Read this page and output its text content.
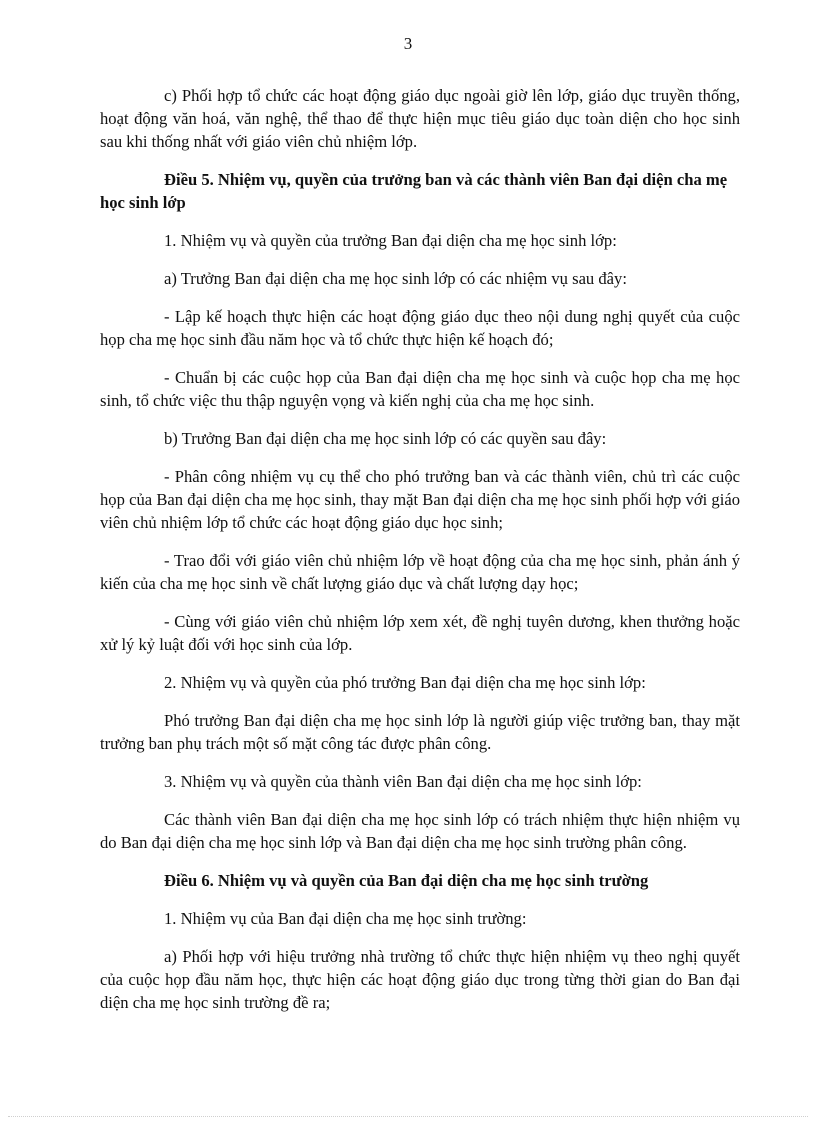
3

c) Phối hợp tổ chức các hoạt động giáo dục ngoài giờ lên lớp, giáo dục truyền thống, hoạt động văn hoá, văn nghệ, thể thao để thực hiện mục tiêu giáo dục toàn diện cho học sinh sau khi thống nhất với giáo viên chủ nhiệm lớp.

Điều 5. Nhiệm vụ, quyền của trưởng ban và các thành viên Ban đại diện cha mẹ học sinh lớp

1. Nhiệm vụ và quyền của trưởng Ban đại diện cha mẹ học sinh lớp:

a) Trưởng Ban đại diện cha mẹ học sinh lớp có các nhiệm vụ sau đây:

- Lập kế hoạch thực hiện các hoạt động giáo dục theo nội dung nghị quyết của cuộc họp cha mẹ học sinh đầu năm học và tổ chức thực hiện kế hoạch đó;

- Chuẩn bị các cuộc họp của Ban đại diện cha mẹ học sinh và cuộc họp cha mẹ học sinh, tổ chức việc thu thập nguyện vọng và kiến nghị của cha mẹ học sinh.

b) Trưởng Ban đại diện cha mẹ học sinh lớp có các quyền sau đây:

- Phân công nhiệm vụ cụ thể cho phó trưởng ban và các thành viên, chủ trì các cuộc họp của Ban đại diện cha mẹ học sinh, thay mặt Ban đại diện cha mẹ học sinh phối hợp với giáo viên chủ nhiệm lớp tổ chức các hoạt động giáo dục học sinh;

- Trao đổi với giáo viên chủ nhiệm lớp về hoạt động của cha mẹ học sinh, phản ánh ý kiến của cha mẹ học sinh về chất lượng giáo dục và chất lượng dạy học;

- Cùng với giáo viên chủ nhiệm lớp xem xét, đề nghị tuyên dương, khen thưởng hoặc xử lý kỷ luật đối với học sinh của lớp.

2. Nhiệm vụ và quyền của phó trưởng Ban đại diện cha mẹ học sinh lớp:

Phó trưởng Ban đại diện cha mẹ học sinh lớp là người giúp việc trưởng ban, thay mặt trưởng ban phụ trách một số mặt công tác được phân công.

3. Nhiệm vụ và quyền của thành viên Ban đại diện cha mẹ học sinh lớp:

Các thành viên Ban đại diện cha mẹ học sinh lớp có trách nhiệm thực hiện nhiệm vụ do Ban đại diện cha mẹ học sinh lớp và Ban đại diện cha mẹ học sinh trường phân công.

Điều 6. Nhiệm vụ và quyền của Ban đại diện cha mẹ học sinh trường

1. Nhiệm vụ của Ban đại diện cha mẹ học sinh trường:

a) Phối hợp với hiệu trưởng nhà trường tổ chức thực hiện nhiệm vụ theo nghị quyết của cuộc họp đầu năm học, thực hiện các hoạt động giáo dục trong từng thời gian do Ban đại diện cha mẹ học sinh trường đề ra;
